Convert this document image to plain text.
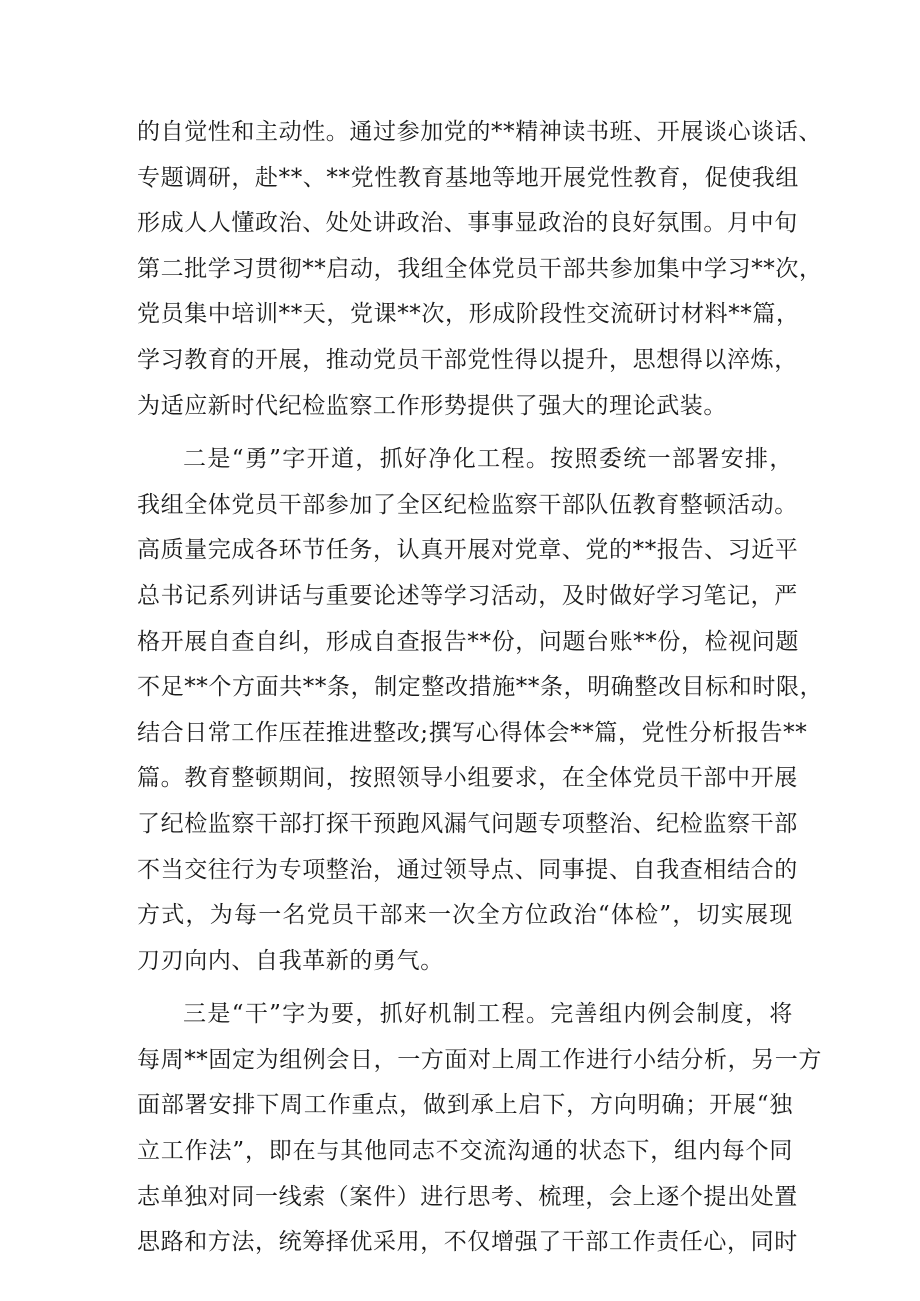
的自觉性和主动性。通过参加党的**精神读书班、开展谈心谈话、
专题调研，赴**、**党性教育基地等地开展党性教育，促使我组
形成人人懂政治、处处讲政治、事事显政治的良好氛围。月中旬
第二批学习贯彻**启动，我组全体党员干部共参加集中学习**次，
党员集中培训**天，党课**次，形成阶段性交流研讨材料**篇，
学习教育的开展，推动党员干部党性得以提升，思想得以淬炼，
为适应新时代纪检监察工作形势提供了强大的理论武装。
二是“勇”字开道，抓好净化工程。按照委统一部署安排，
我组全体党员干部参加了全区纪检监察干部队伍教育整顿活动。
高质量完成各环节任务，认真开展对党章、党的**报告、习近平
总书记系列讲话与重要论述等学习活动，及时做好学习笔记，严
格开展自查自纠，形成自查报告**份，问题台账**份，检视问题
不足**个方面共**条，制定整改措施**条，明确整改目标和时限，
结合日常工作压茬推进整改;撰写心得体会**篇，党性分析报告**
篇。教育整顿期间，按照领导小组要求，在全体党员干部中开展
了纪检监察干部打探干预跑风漏气问题专项整治、纪检监察干部
不当交往行为专项整治，通过领导点、同事提、自我查相结合的
方式，为每一名党员干部来一次全方位政治“体检”，切实展现
刀刃向内、自我革新的勇气。
三是“干”字为要，抓好机制工程。完善组内例会制度，将
每周**固定为组例会日，一方面对上周工作进行小结分析，另一方
面部署安排下周工作重点，做到承上启下，方向明确；开展“独
立工作法”，即在与其他同志不交流沟通的状态下，组内每个同
志单独对同一线索（案件）进行思考、梳理，会上逐个提出处置
思路和方法，统筹择优采用，不仅增强了干部工作责任心，同时
